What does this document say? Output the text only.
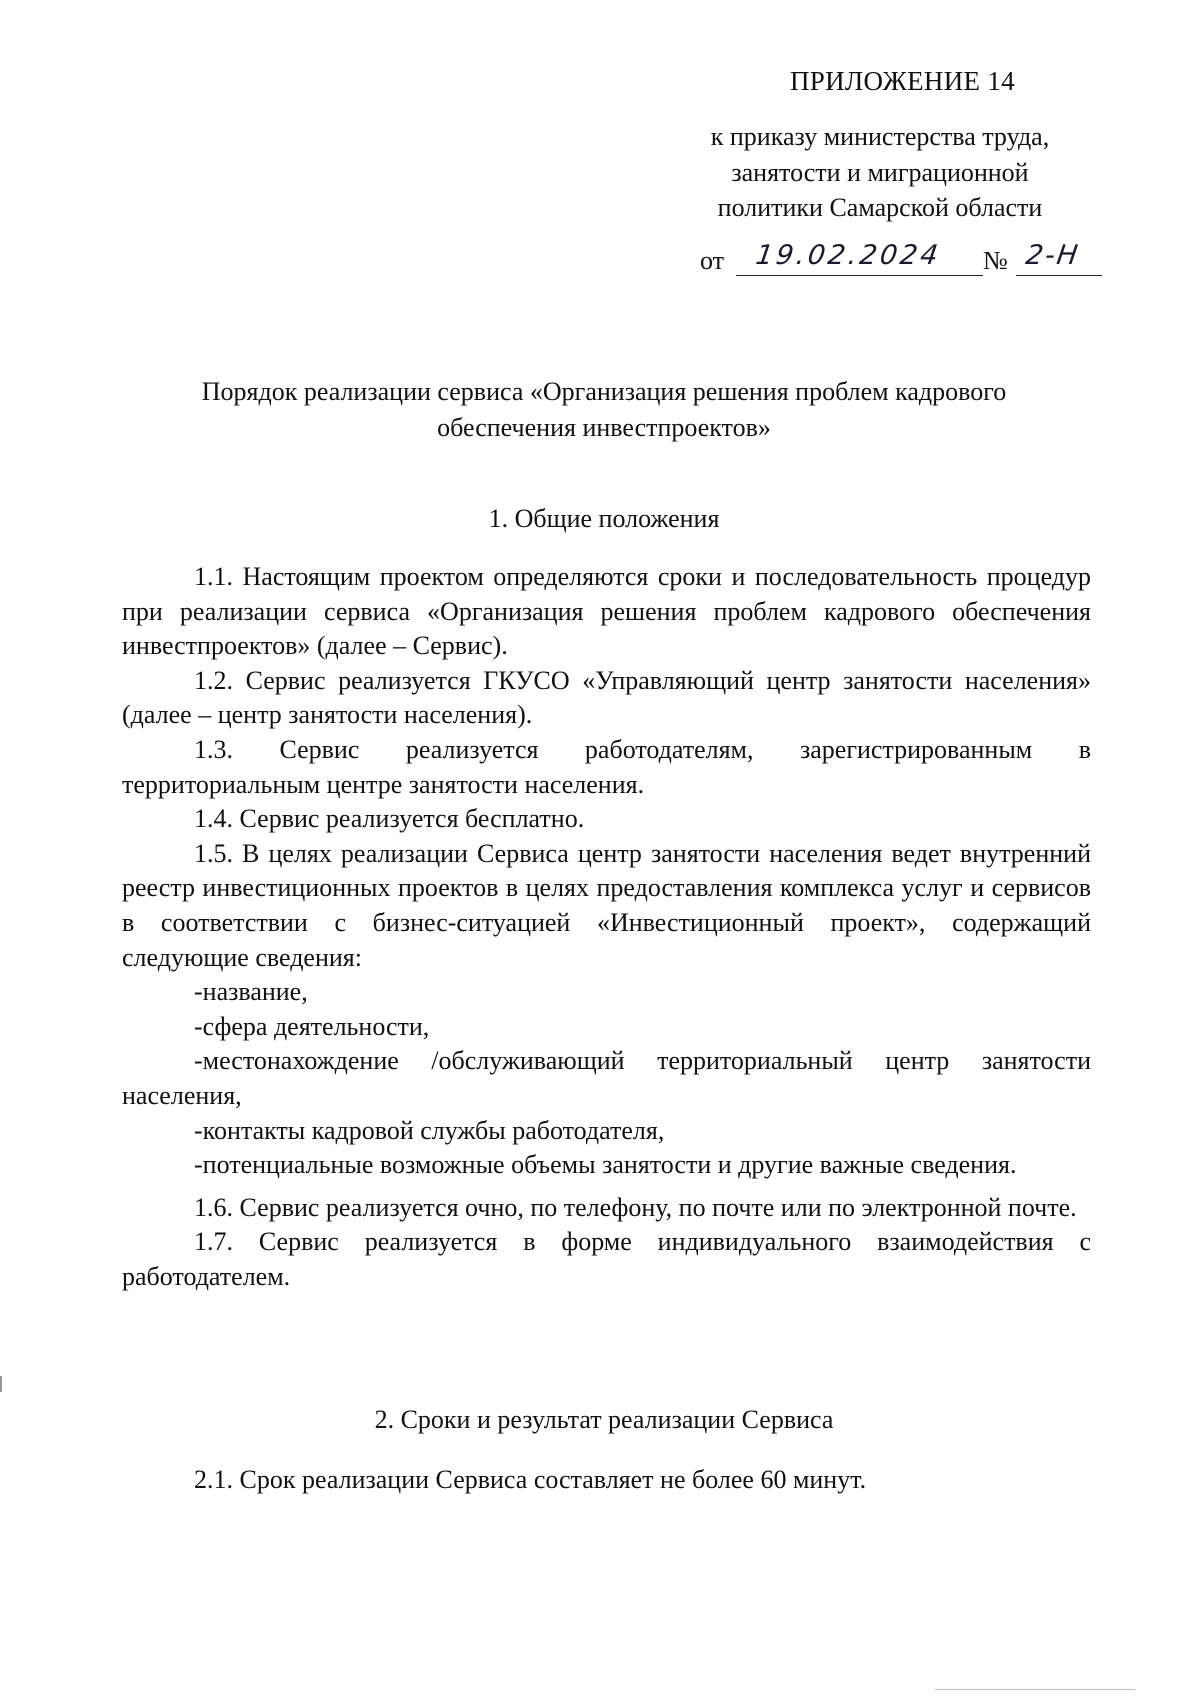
ПРИЛОЖЕНИЕ 14
к приказу министерства труда,
занятости и миграционной
политики Самарской области
от 19.02.2024 № 2-Н
Порядок реализации сервиса «Организация решения проблем кадрового
обеспечения инвестпроектов»
1. Общие положения

1.1. Настоящим проектом определяются сроки и последовательность процедур при реализации сервиса «Организация решения проблем кадрового обеспечения инвестпроектов» (далее – Сервис).

1.2. Сервис реализуется ГКУСО «Управляющий центр занятости населения» (далее – центр занятости населения).

1.3. Сервис реализуется работодателям, зарегистрированным в территориальным центре занятости населения.

1.4. Сервис реализуется бесплатно.

1.5. В целях реализации Сервиса центр занятости населения ведет внутренний реестр инвестиционных проектов в целях предоставления комплекса услуг и сервисов в соответствии с бизнес-ситуацией «Инвестиционный проект», содержащий следующие сведения:

-название,

-сфера деятельности,

-местонахождение /обслуживающий территориальный центр занятости населения,

-контакты кадровой службы работодателя,

-потенциальные возможные объемы занятости и другие важные сведения.

1.6. Сервис реализуется очно, по телефону, по почте или по электронной почте.

1.7. Сервис реализуется в форме индивидуального взаимодействия с работодателем.

2. Сроки и результат реализации Сервиса

2.1. Срок реализации Сервиса составляет не более 60 минут.
